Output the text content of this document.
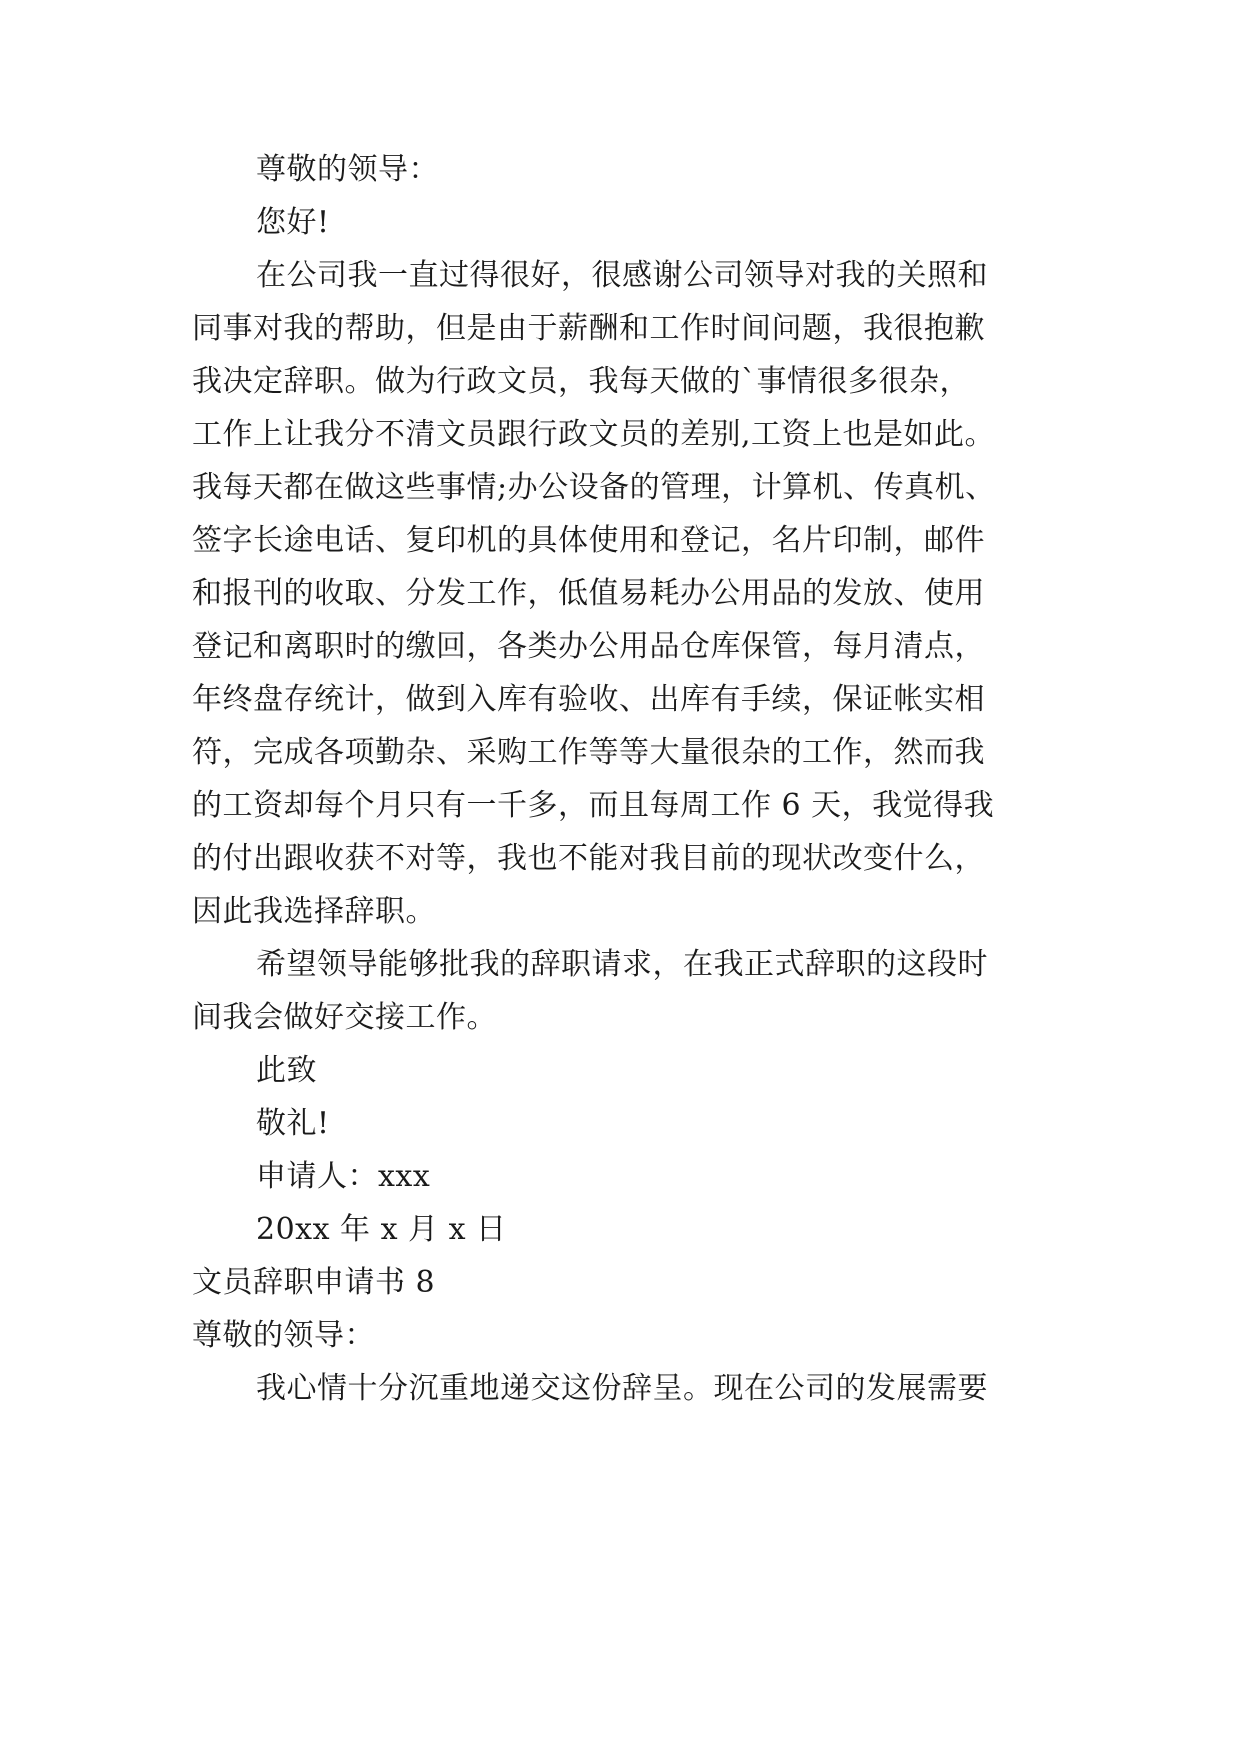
尊敬的领导：
您好!
在公司我一直过得很好，很感谢公司领导对我的关照和
同事对我的帮助，但是由于薪酬和工作时间问题，我很抱歉
我决定辞职。做为行政文员，我每天做的`事情很多很杂，
工作上让我分不清文员跟行政文员的差别,工资上也是如此。
我每天都在做这些事情;办公设备的管理，计算机、传真机、
签字长途电话、复印机的具体使用和登记，名片印制，邮件
和报刊的收取、分发工作，低值易耗办公用品的发放、使用
登记和离职时的缴回，各类办公用品仓库保管，每月清点，
年终盘存统计，做到入库有验收、出库有手续，保证帐实相
符，完成各项勤杂、采购工作等等大量很杂的工作，然而我
的工资却每个月只有一千多，而且每周工作 6 天，我觉得我
的付出跟收获不对等，我也不能对我目前的现状改变什么，
因此我选择辞职。
希望领导能够批我的辞职请求，在我正式辞职的这段时
间我会做好交接工作。
此致
敬礼!
申请人：xxx
20xx 年 x 月 x 日
文员辞职申请书 8
尊敬的领导：
我心情十分沉重地递交这份辞呈。现在公司的发展需要
